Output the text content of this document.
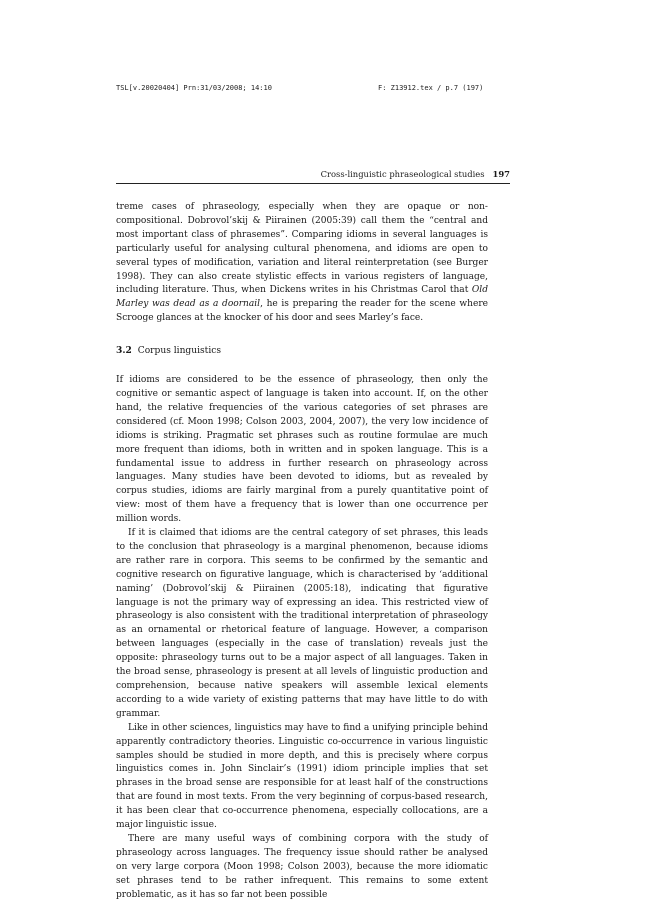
TSL[v.20020404] Prn:31/03/2008; 14:10	F: Z13912.tex / p.7 (197)
Cross-linguistic phraseological studies 197

treme cases of phraseology, especially when they are opaque or non-compositional. Dobrovol’skij & Piirainen (2005:39) call them the “central and most important class of phrasemes”. Comparing idioms in several languages is particularly useful for analysing cultural phenomena, and idioms are open to several types of modification, variation and literal reinterpretation (see Burger 1998). They can also create stylistic effects in various registers of language, including literature. Thus, when Dickens writes in his Christmas Carol that Old Marley was dead as a doornail, he is preparing the reader for the scene where Scrooge glances at the knocker of his door and sees Marley’s face.

3.2 Corpus linguistics

If idioms are considered to be the essence of phraseology, then only the cognitive or semantic aspect of language is taken into account. If, on the other hand, the relative frequencies of the various categories of set phrases are considered (cf. Moon 1998; Colson 2003, 2004, 2007), the very low incidence of idioms is striking. Pragmatic set phrases such as routine formulae are much more frequent than idioms, both in written and in spoken language. This is a fundamental issue to address in further research on phraseology across languages. Many studies have been devoted to idioms, but as revealed by corpus studies, idioms are fairly marginal from a purely quantitative point of view: most of them have a frequency that is lower than one occurrence per million words.

If it is claimed that idioms are the central category of set phrases, this leads to the conclusion that phraseology is a marginal phenomenon, because idioms are rather rare in corpora. This seems to be confirmed by the semantic and cognitive research on figurative language, which is characterised by ‘additional naming’ (Dobrovol’skij & Piirainen (2005:18), indicating that figurative language is not the primary way of expressing an idea. This restricted view of phraseology is also consistent with the traditional interpretation of phraseology as an ornamental or rhetorical feature of language. However, a comparison between languages (especially in the case of translation) reveals just the opposite: phraseology turns out to be a major aspect of all languages. Taken in the broad sense, phraseology is present at all levels of linguistic production and comprehension, because native speakers will assemble lexical elements according to a wide variety of existing patterns that may have little to do with grammar.

Like in other sciences, linguistics may have to find a unifying principle behind apparently contradictory theories. Linguistic co-occurrence in various linguistic samples should be studied in more depth, and this is precisely where corpus linguistics comes in. John Sinclair’s (1991) idiom principle implies that set phrases in the broad sense are responsible for at least half of the constructions that are found in most texts. From the very beginning of corpus-based research, it has been clear that co-occurrence phenomena, especially collocations, are a major linguistic issue.

There are many useful ways of combining corpora with the study of phraseology across languages. The frequency issue should rather be analysed on very large corpora (Moon 1998; Colson 2003), because the more idiomatic set phrases tend to be rather infrequent. This remains to some extent problematic, as it has so far not been possible
